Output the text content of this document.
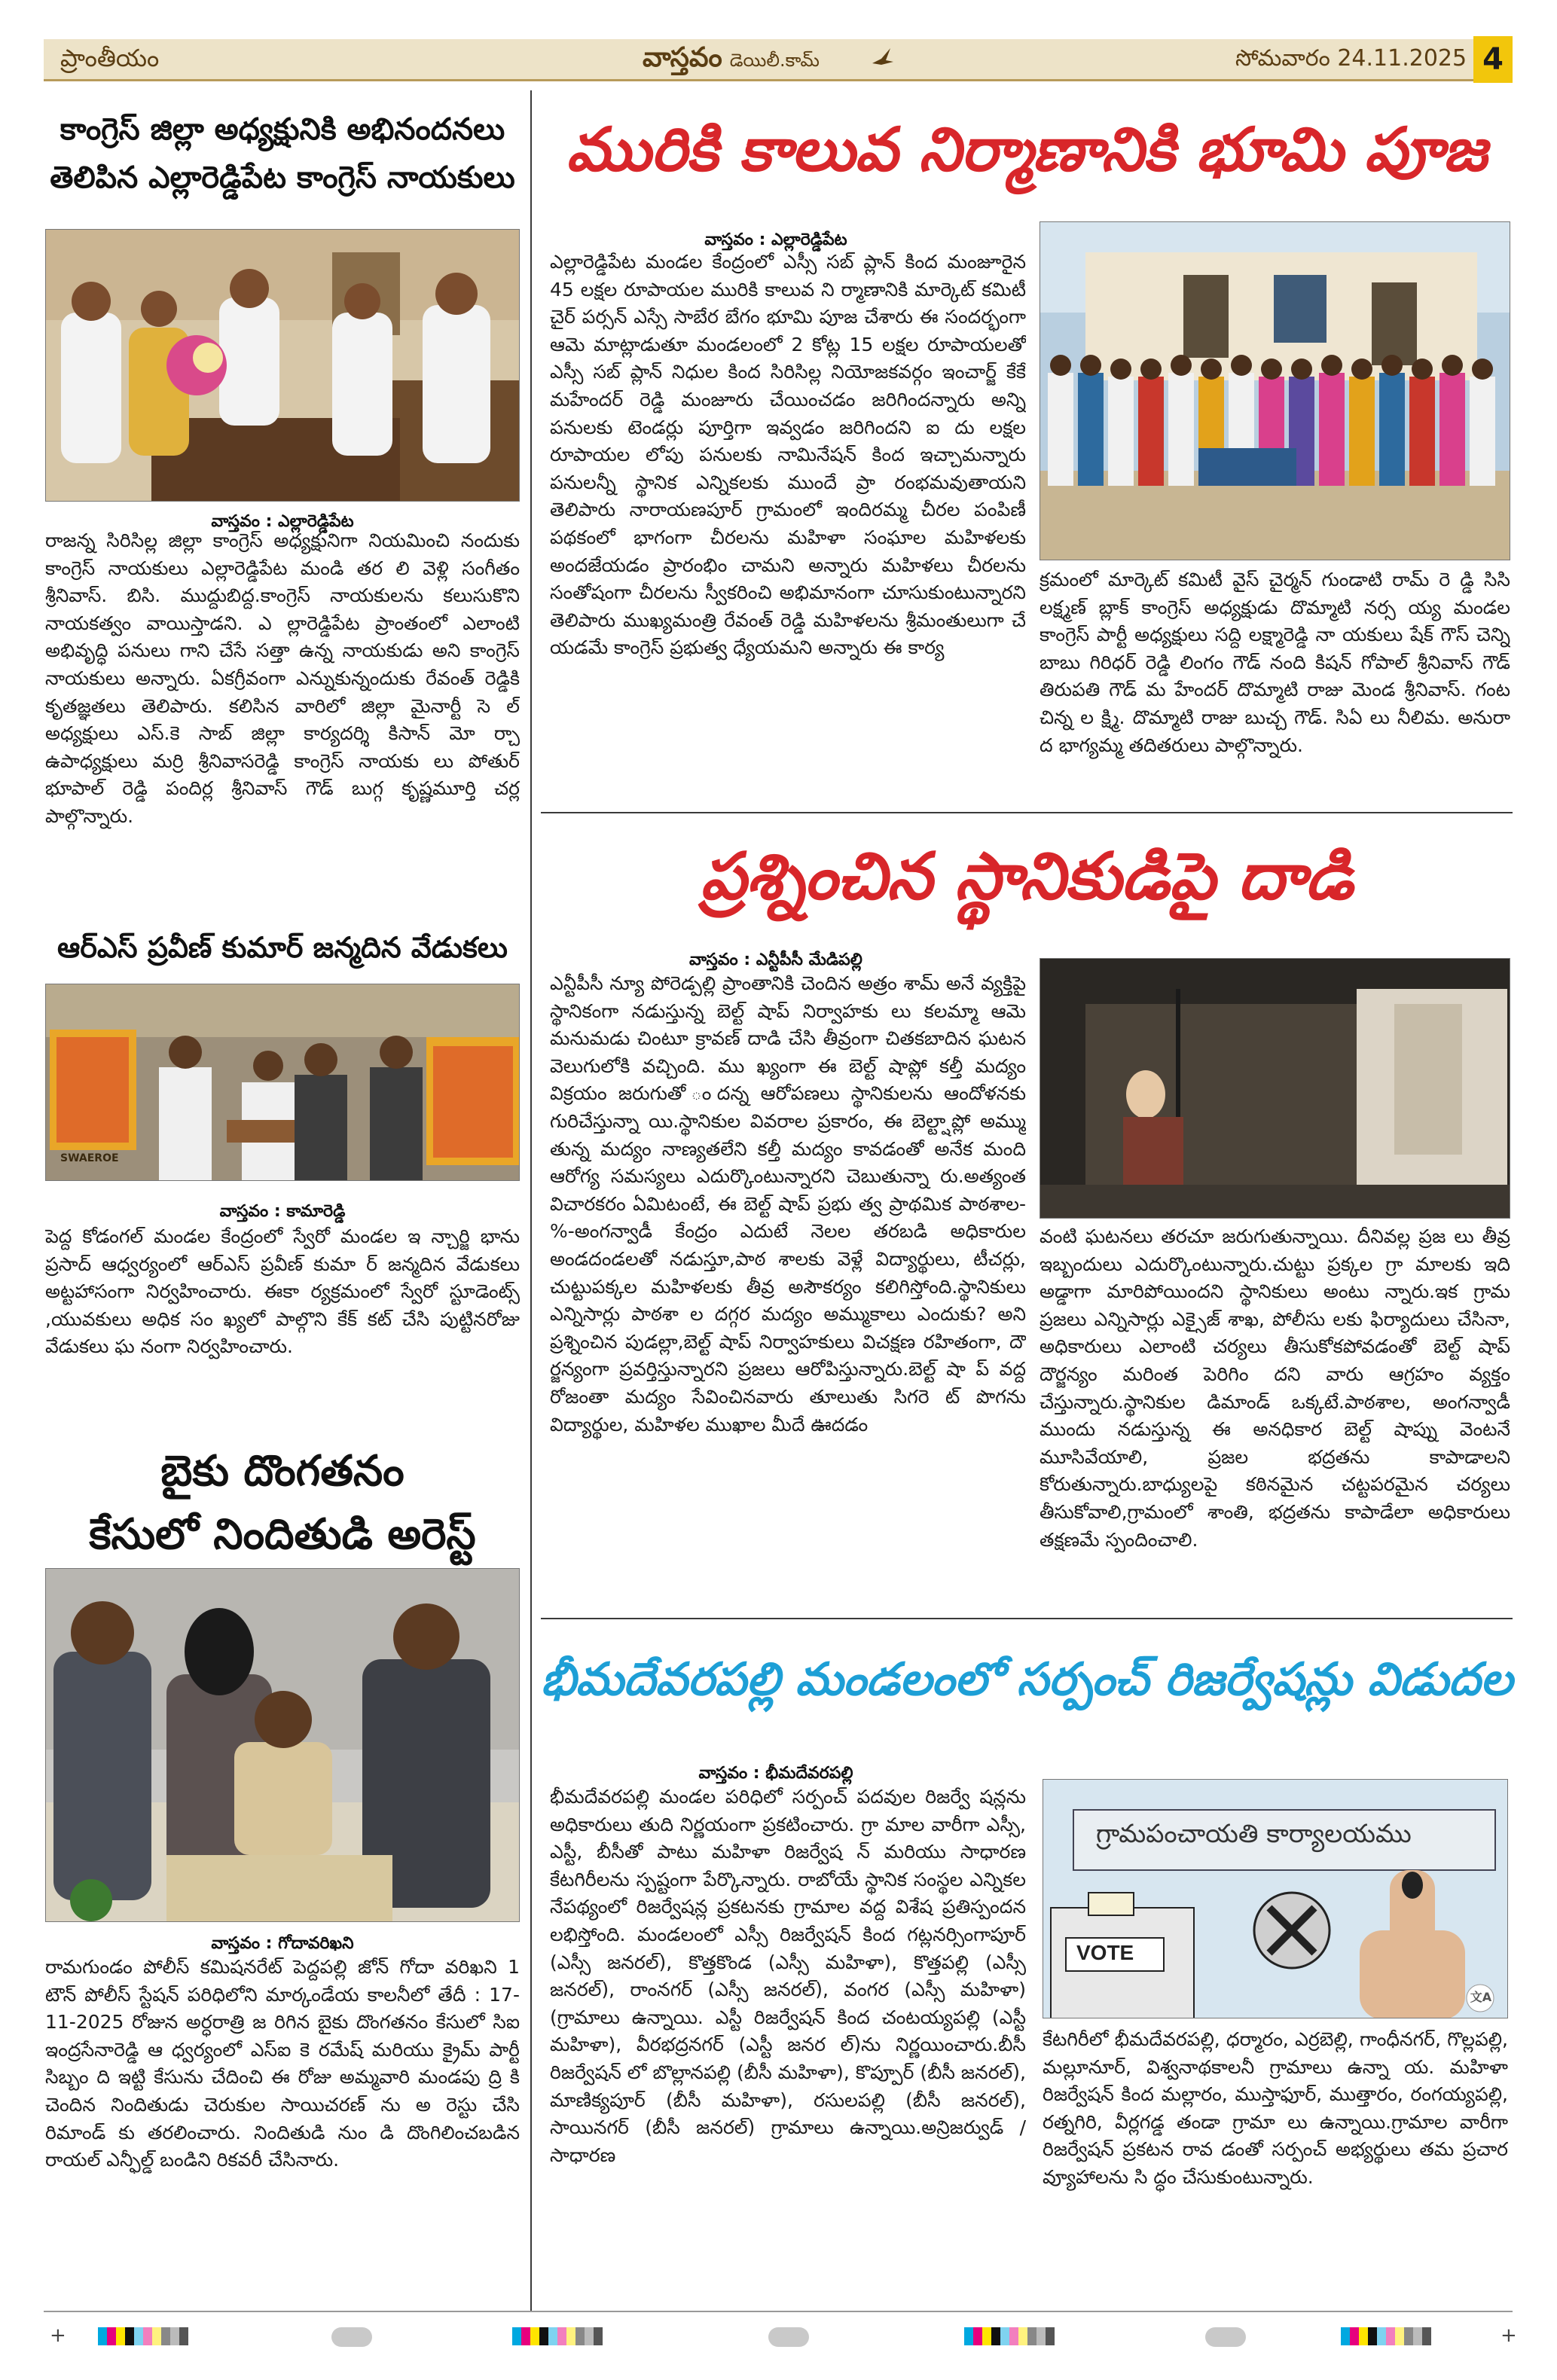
ప్రాంతీయం	వాస్తవం డెయిలీ.కామ్	సోమవారం 24.11.2025 4
కాంగ్రెస్ జిల్లా అధ్యక్షునికి అభినందనలు
తెలిపిన ఎల్లారెడ్డిపేట కాంగ్రెస్ నాయకులు
వాస్తవం : ఎల్లారెడ్డిపేట
రాజన్న సిరిసిల్ల జిల్లా కాంగ్రెస్ అధ్యక్షునిగా నియమించి నందుకు కాంగ్రెస్ నాయకులు ఎల్లారెడ్డిపేట మండి తర లి వెళ్లి సంగీతం శ్రీనివాస్. బిసి. ముద్దుబిద్ద.కాంగ్రెస్ నాయకులను కలుసుకొని నాయకత్వం వాయిస్తాడని. ఎ ల్లారెడ్డిపేట ప్రాంతంలో ఎలాంటి అభివృద్ధి పనులు గాని చేసే సత్తా ఉన్న నాయకుడు అని కాంగ్రెస్ నాయకులు అన్నారు. ఏకగ్రీవంగా ఎన్నుకున్నందుకు రేవంత్ రెడ్డికి కృతజ్ఞతలు తెలిపారు. కలిసిన వారిలో జిల్లా మైనార్టీ సె ల్ అధ్యక్షులు ఎస్.కె సాబ్ జిల్లా కార్యదర్శి కిసాన్ మో ర్చా ఉపాధ్యక్షులు మర్రి శ్రీనివాసరెడ్డి కాంగ్రెస్ నాయకు లు పోతుర్ భూపాల్ రెడ్డి పందిర్ల శ్రీనివాస్ గౌడ్ బుగ్గ కృష్ణమూర్తి చర్ల పాల్గొన్నారు.
ఆర్ఎస్ ప్రవీణ్ కుమార్ జన్మదిన వేడుకలు
SWAEROE
వాస్తవం : కామారెడ్డి
పెద్ద కోడంగల్ మండల కేంద్రంలో స్వేరో మండల ఇ న్చార్జి భాను ప్రసాద్ ఆధ్వర్యంలో ఆర్ఎస్ ప్రవీణ్ కుమా ర్ జన్మదిన వేడుకలు అట్టహాసంగా నిర్వహించారు. ఈకా ర్యక్రమంలో స్వేరో స్టూడెంట్స్ ,యువకులు అధిక సం ఖ్యలో పాల్గొని కేక్ కట్ చేసి పుట్టినరోజు వేడుకలు ఘ నంగా నిర్వహించారు.
బైకు దొంగతనం
కేసులో నిందితుడి అరెస్ట్
వాస్తవం : గోదావరిఖని
రామగుండం పోలీస్ కమిషనరేట్ పెద్దపల్లి జోన్ గోదా వరిఖని 1 టౌన్ పోలీస్ స్టేషన్ పరిధిలోని మార్కండేయ కాలనీలో తేదీ : 17-11-2025 రోజున అర్ధరాత్రి జ రిగిన బైకు దొంగతనం కేసులో సిఐ ఇంద్రసేనారెడ్డి ఆ ధ్వర్యంలో ఎస్ఐ కె రమేష్ మరియు క్రైమ్ పార్టీ సిబ్బం ది ఇట్టి కేసును చేదించి ఈ రోజు అమ్మవారి మండపు ద్రి కి చెందిన నిందితుడు చెరుకుల సాయిచరణ్ ను అ రెస్టు చేసి రిమాండ్ కు తరలించారు. నిందితుడి నుం డి దొంగిలించబడిన రాయల్ ఎన్ఫీల్డ్ బండిని రికవరీ చేసినారు.
మురికి కాలువ నిర్మాణానికి భూమి పూజ
వాస్తవం : ఎల్లారెడ్డిపేట
ఎల్లారెడ్డిపేట మండల కేంద్రంలో ఎస్సీ సబ్ ప్లాన్ కింద మంజూరైన 45 లక్షల రూపాయల మురికి కాలువ ని ర్మాణానికి మార్కెట్ కమిటీ చైర్ పర్సన్ ఎస్సే సాబేర బేగం భూమి పూజ చేశారు ఈ సందర్భంగా ఆమె మాట్లాడుతూ మండలంలో 2 కోట్ల 15 లక్షల రూపాయలతో ఎస్సీ సబ్ ప్లాన్ నిధుల కింద సిరిసిల్ల నియోజకవర్గం ఇంచార్జ్ కేకే మహేందర్ రెడ్డి మంజూరు చేయించడం జరిగిందన్నారు అన్ని పనులకు టెండర్లు పూర్తిగా ఇవ్వడం జరిగిందని ఐ దు లక్షల రూపాయల లోపు పనులకు నామినేషన్ కింద ఇచ్చామన్నారు పనులన్నీ స్థానిక ఎన్నికలకు ముందే ప్రా రంభమవుతాయని తెలిపారు నారాయణపూర్ గ్రామంలో ఇందిరమ్మ చీరల పంపిణీ పథకంలో భాగంగా చీరలను మహిళా సంఘాల మహిళలకు అందజేయడం ప్రారంభిం చామని అన్నారు మహిళలు చీరలను సంతోషంగా చీరలను స్వీకరించి అభిమానంగా చూసుకుంటున్నారని తెలిపారు ముఖ్యమంత్రి రేవంత్ రెడ్డి మహిళలను శ్రీమంతులుగా చే యడమే కాంగ్రెస్ ప్రభుత్వ ధ్యేయమని అన్నారు ఈ కార్య
క్రమంలో మార్కెట్ కమిటీ వైస్ చైర్మన్ గుండాటి రామ్ రె డ్డి సిసి లక్ష్మణ్ బ్లాక్ కాంగ్రెస్ అధ్యక్షుడు దొమ్మాటి నర్స య్య మండల కాంగ్రెస్ పార్టీ అధ్యక్షులు సద్ది లక్ష్మారెడ్డి నా యకులు షేక్ గౌస్ చెన్ని బాబు గిరిధర్ రెడ్డి లింగం గౌడ్ నంది కిషన్ గోపాల్ శ్రీనివాస్ గౌడ్ తిరుపతి గౌడ్ మ హేందర్ దొమ్మాటి రాజు మెండ శ్రీనివాస్. గంట చిన్న ల క్ష్మి. దొమ్మాటి రాజు బుచ్చ గౌడ్. సిఏ లు నీలిమ. అనురా ద భాగ్యమ్మ తదితరులు పాల్గొన్నారు.
ప్రశ్నించిన స్థానికుడిపై దాడి
వాస్తవం : ఎన్టీపీసీ మేడిపల్లి
ఎన్టీపీసీ న్యూ పోరెడ్పల్లి ప్రాంతానికి చెందిన అత్రం శామ్ అనే వ్యక్తిపై స్థానికంగా నడుస్తున్న బెల్ట్ షాప్ నిర్వాహకు లు కలమ్మా ఆమె మనుమడు చింటూ క్రావణ్ దాడి చేసి తీవ్రంగా చితకబాదిన ఘటన వెలుగులోకి వచ్చింది. ము ఖ్యంగా ఈ బెల్ట్ షాప్లో కల్తీ మద్యం విక్రయం జరుగుతో ందన్న ఆరోపణలు స్థానికులను ఆందోళనకు గురిచేస్తున్నా యి.స్థానికుల వివరాల ప్రకారం, ఈ బెల్ట్షాప్లో అమ్ము తున్న మద్యం నాణ్యతలేని కల్తీ మద్యం కావడంతో అనేక మంది ఆరోగ్య సమస్యలు ఎదుర్కొంటున్నారని చెబుతున్నా రు.అత్యంత విచారకరం ఏమిటంటే, ఈ బెల్ట్ షాప్ ప్రభు త్వ ప్రాథమిక పాఠశాల-%-అంగన్వాడీ కేంద్రం ఎదుటే నెలల తరబడి అధికారుల అండదండలతో నడుస్తూ,పాఠ శాలకు వెళ్లే విద్యార్థులు, టీచర్లు, చుట్టుపక్కల మహిళలకు తీవ్ర అసౌకర్యం కలిగిస్తోంది.స్థానికులు ఎన్నిసార్లు పాఠశా ల దగ్గర మద్యం అమ్ముకాలు ఎందుకు? అని ప్రశ్నించిన పుడల్లా,బెల్ట్ షాప్ నిర్వాహకులు విచక్షణ రహితంగా, దౌ ర్జన్యంగా ప్రవర్తిస్తున్నారని ప్రజలు ఆరోపిస్తున్నారు.బెల్ట్ షా ప్ వద్ద రోజంతా మద్యం సేవించినవారు తూలుతు సిగరె ట్ పొగను విద్యార్థుల, మహిళల ముఖాల మీదే ఊదడం
వంటి ఘటనలు తరచూ జరుగుతున్నాయి. దీనివల్ల ప్రజ లు తీవ్ర ఇబ్బందులు ఎదుర్కొంటున్నారు.చుట్టు ప్రక్కల గ్రా మాలకు ఇది అడ్డాగా మారిపోయిందని స్థానికులు అంటు న్నారు.ఇక గ్రామ ప్రజలు ఎన్నిసార్లు ఎక్సైజ్ శాఖ, పోలీసు లకు ఫిర్యాదులు చేసినా, అధికారులు ఎలాంటి చర్యలు తీసుకోకపోవడంతో బెల్ట్ షాప్ దౌర్జన్యం మరింత పెరిగిం దని వారు ఆగ్రహం వ్యక్తం చేస్తున్నారు.స్థానికుల డిమాండ్ ఒక్కటే.పాఠశాల, అంగన్వాడీ ముందు నడుస్తున్న ఈ అనధికార బెల్ట్ షాప్ను వెంటనే మూసివేయాలి, ప్రజల భద్రతను కాపాడాలని కోరుతున్నారు.బాధ్యులపై కఠినమైన చట్టపరమైన చర్యలు తీసుకోవాలి,గ్రామంలో శాంతి, భద్రతను కాపాడేలా అధికారులు తక్షణమే స్పందించాలి.
భీమదేవరపల్లి మండలంలో సర్పంచ్ రిజర్వేషన్లు విడుదల
వాస్తవం : భీమదేవరపల్లి
భీమదేవరపల్లి మండల పరిధిలో సర్పంచ్ పదవుల రిజర్వే షన్లను అధికారులు తుది నిర్ణయంగా ప్రకటించారు. గ్రా మాల వారీగా ఎస్సీ, ఎస్టీ, బీసీతో పాటు మహిళా రిజర్వేష న్ మరియు సాధారణ కేటగిరీలను స్పష్టంగా పేర్కొన్నారు. రాబోయే స్థానిక సంస్థల ఎన్నికల నేపథ్యంలో రిజర్వేషన్ల ప్రకటనకు గ్రామాల వద్ద విశేష ప్రతిస్పందన లభిస్తోంది. మండలంలో ఎస్సీ రిజర్వేషన్ కింద గట్లనర్సింగాపూర్ (ఎస్సీ జనరల్), కొత్తకొండ (ఎస్సీ మహిళా), కొత్తపల్లి (ఎస్సీ జనరల్), రాంనగర్ (ఎస్సీ జనరల్), వంగర (ఎస్సీ మహిళా) (గ్రామాలు ఉన్నాయి. ఎస్టీ రిజర్వేషన్ కింద చంటయ్యపల్లి (ఎస్టీ మహిళా), వీరభద్రనగర్ (ఎస్టీ జనర ల్)ను నిర్ణయించారు.బీసీ రిజర్వేషన్ లో బొల్లానపల్లి (బీసీ మహిళా), కొప్పూర్ (బీసీ జనరల్), మాణిక్యపూర్ (బీసీ మహిళా), రసులపల్లి (బీసీ జనరల్), సాయినగర్ (బీసీ జనరల్) గ్రామాలు ఉన్నాయి.అన్రిజర్వుడ్ / సాధారణ
గ్రామపంచాయతి కార్యాలయము
VOTE
文A
కేటగిరీలో భీమదేవరపల్లి, ధర్మారం, ఎర్రబెల్లి, గాంధీనగర్, గొల్లపల్లి, మల్లూనూర్, విశ్వనాథకాలనీ గ్రామాలు ఉన్నా య. మహిళా రిజర్వేషన్ కింద మల్లారం, ముస్తాఫూర్, ముత్తారం, రంగయ్యపల్లి, రత్నగిరి, వీర్లగడ్డ తండా గ్రామా లు ఉన్నాయి.గ్రామాల వారీగా రిజర్వేషన్ ప్రకటన రావ డంతో సర్పంచ్ అభ్యర్థులు తమ ప్రచార వ్యూహాలను సి ద్ధం చేసుకుంటున్నారు.
+	+
